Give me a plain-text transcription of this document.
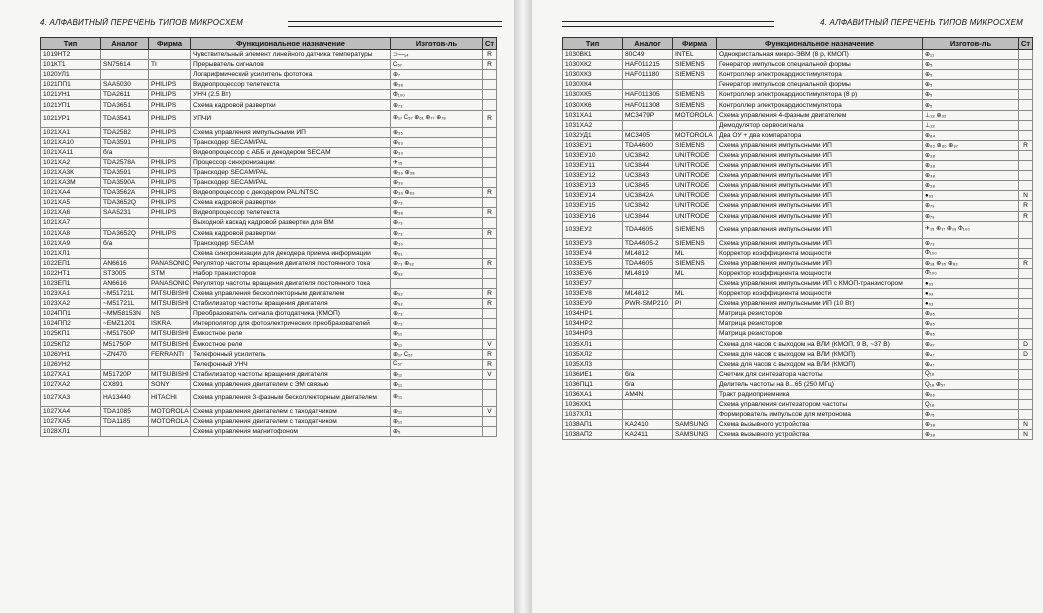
4. АЛФАВИТНЫЙ ПЕРЕЧЕНЬ ТИПОВ МИКРОСХЕМ
Тип	Аналог	Фирма	Функциональное назначение	Изготов-ль	Ст
1019НТ2			Чувствительный элемент линейного датчика температуры	⊃—₁₄	R
101КТ1	SN75614	TI	Прерыватель сигналов	C₅₇	R
1020УЛ1			Логарифмический усилитель фототока	⊕₇	
1021ПП1	SAA5030	PHILIPS	Видеопроцессор телетекста	⊕₃₈	
1021УН1	TDA2611	PHILIPS	УНЧ (2.5 Вт)	Φ₁₀₀	
1021УП1	TDA3651	PHILIPS	Схема кадровой развертки	⊕₇₃	
1021УР1	TDA3541	PHILIPS	УПЧИ	⊕₁₇ C₅₇ ⊕₆₁ ⊕₇₇ ⊕₇₈	R
1021ХА1	TDA2582	PHILIPS	Схема управления импульсными ИП	⊕₃₅	
1021ХА10	TDA3591	PHILIPS	Транскодер SECAM/PAL	⊕₆₃	
1021ХА11	б/а		Видеопроцессор с АББ и декодером SECAM	⊕₃₃	
1021ХА2	TDA2578A	PHILIPS	Процессор синхронизации	✈₁₅	
1021ХА3К	TDA3591	PHILIPS	Транскодер SECAM/PAL	⊕₃₀ ⊕₃₈	
1021ХА3М	TDA3590A	PHILIPS	Транскодер SECAM/PAL	⊕₃₀	
1021ХА4	TDA3562A	PHILIPS	Видеопроцессор с декодером PAL/NTSC	⊕₃₀ ⊕₆₃	R
1021ХА5	TDA3652Q	PHILIPS	Схема кадровой развертки	⊕₇₃	
1021ХА6	SAA5231	PHILIPS	Видеопроцессор телетекста	⊕₃₈	R
1021ХА7			Выходной каскад кадровой развертки для ВМ	⊕₇₃	
1021ХА8	TDA3652Q	PHILIPS	Схема кадровой развертки	⊕₇₃	R
1021ХА9	б/а		Транскодер SECAM	⊕₃₀	
1021ХЛ1			Схема синхронизации для декодера приема информации	⊕₆₁	
1022ЕП1	AN6616	PANASONIC	Регулятор частоты вращения двигателя постоянного тока	⊕₇₃ ⊕₉₂	R
1022НТ1	ST3005	STM	Набор транзисторов	⊕₉₂	
1023ЕП1	AN6616	PANASONIC	Регулятор частоты вращения двигателя постоянного тока		
1023ХА1	~M51721L	MITSUBISHI	Схема управления бесколлекторным двигателем	⊕₉₂	R
1023ХА2	~M51721L	MITSUBISHI	Стабилизатор частоты вращения двигателя	⊕₉₂	R
1024ПП1	~MM58153N	NS	Преобразователь сигнала фотодатчика (КМОП)	⊕₇₃	
1024ПП2	~EMZ1201	ISKRA	Интерполятор для фотоэлектрических преобразователей	⊕₇₃	
1025КП1	~M51750P	MITSUBISHI	Ёмкостное реле	⊕₁₁	
1025КП2	M51750P	MITSUBISHI	Ёмкостное реле	⊕₁₁	V
1026УН1	~ZN470	FERRANTI	Телефонный усилитель	⊕₁₇ C₅₇	R
1026УН2			Телефонный УНЧ	C₅₇	R
1027ХА1	M51720P	MITSUBISHI	Стабилизатор частоты вращения двигателя	⊕₁₁	V
1027ХА2	CX891	SONY	Схема управления двигателем с ЭМ связью	⊕₁₁	
1027ХА3	HA13440	HITACHI	Схема управления 3-фазным бесколлекторным двигателем	⊕₁₁	
1027ХА4	TDA1085	MOTOROLA	Схема управления двигателем с таходатчиком	⊕₁₁	V
1027ХА5	TDA1185	MOTOROLA	Схема управления двигателем с таходатчиком	⊕₁₁	
1028ХЛ1			Схема управления магнитофоном	⊕₅	
4. АЛФАВИТНЫЙ ПЕРЕЧЕНЬ ТИПОВ МИКРОСХЕМ
Тип	Аналог	Фирма	Функциональное назначение	Изготов-ль	Ст
1030ВК1	80C49	INTEL	Однокристальная микро-ЭВМ (8 р, КМОП)	⊕₁₁	
1030ХК2	HAF011215	SIEMENS	Генератор импульсов специальной формы	⊕₅	
1030ХК3	HAF011180	SIEMENS	Контроллер электрокардиостимулятора	⊕₅	
1030ХК4			Генератор импульсов специальной формы	⊕₅	
1030ХК5	HAF011305	SIEMENS	Контроллер электрокардиостимулятора (8 р)	⊕₅	
1030ХК6	HAF011308	SIEMENS	Контроллер электрокардиостимулятора	⊕₅	
1031ХА1	MC3479P	MOTOROLA	Схема управления 4-фазным двигателем	⊥₂₂ ⊕₉₂	
1031ХА2			Демодулятор сервосигнала	⊥₂₂	
1032УД1	MC3405	MOTOROLA	Два ОУ + два компаратора	⊕₆₄	
1033ЕУ1	TDA4600	SIEMENS	Схема управления импульсными ИП	⊕₈₃ ⊕₈₀ ⊕₉₇	R
1033ЕУ10	UC3842	UNITRODE	Схема управления импульсными ИП	⊕₃₈	
1033ЕУ11	UC3844	UNITRODE	Схема управления импульсными ИП	⊕₃₈	
1033ЕУ12	UC3843	UNITRODE	Схема управления импульсными ИП	⊕₃₈	
1033ЕУ13	UC3845	UNITRODE	Схема управления импульсными ИП	⊕₃₈	
1033ЕУ14	UC3842A	UNITRODE	Схема управления импульсными ИП	●₉₃	N
1033ЕУ15	UC3842	UNITRODE	Схема управления импульсными ИП	⊕₇₉	R
1033ЕУ16	UC3844	UNITRODE	Схема управления импульсными ИП	⊕₇₉	R
1033ЕУ2	TDA4605	SIEMENS	Схема управления импульсными ИП	✈₁₅ ⊕₁₇ ⊕₁₉ Φ₁₀₀	
1033ЕУ3	TDA4605-2	SIEMENS	Схема управления импульсными ИП	⊕₇₃	
1033ЕУ4	ML4812	ML	Корректор коэффициента мощности	Φ₁₀₀	
1033ЕУ5	TDA4605	SIEMENS	Схема управления импульсными ИП	⊕₁₈ ⊕₃₅ ⊕₈₃	R
1033ЕУ6	ML4819	ML	Корректор коэффициента мощности	Φ₁₀₀	
1033ЕУ7			Схема управления импульсными ИП с КМОП-транзистором	●₉₃	
1033ЕУ8	ML4812	ML	Корректор коэффициента мощности	●₉₃	
1033ЕУ9	PWR-SMP210	PI	Схема управления импульсными ИП (10 Вт)	●₉₃	
1034НР1			Матрица резисторов	⊕₈₅	
1034НР2			Матрица резисторов	⊕₈₅	
1034НР3			Матрица резисторов	⊕₈₅	
1035ХЛ1			Схема для часов с выходом на ВЛИ (КМОП, 9 В, ~37 В)	⊕₄₇	D
1035ХЛ2			Схема для часов с выходом на ВЛИ (КМОП)	⊕₄₇	D
1035ХЛ3			Схема для часов с выходом на ВЛИ (КМОП)	⊕₄₇	
1036ИЕ1	б/а		Счетчик для синтезатора частоты	Q₁₈	
1036ПЦ1	б/а		Делитель частоты на 8...65 (250 МГц)	Q₁₈ ⊕₅₇	
1036ХА1	AM4N		Тракт радиоприемника	⊕₆₆	
1036ХК1			Схема управления синтезатором частоты	Q₁₈	
1037ХЛ1			Формирователь импульсов для метронома	⊕₇₅	
1038АП1	KA2410	SAMSUNG	Схема вызывного устройства	⊕₃₈	N
1038АП2	KA2411	SAMSUNG	Схема вызывного устройства	⊕₃₈	N
